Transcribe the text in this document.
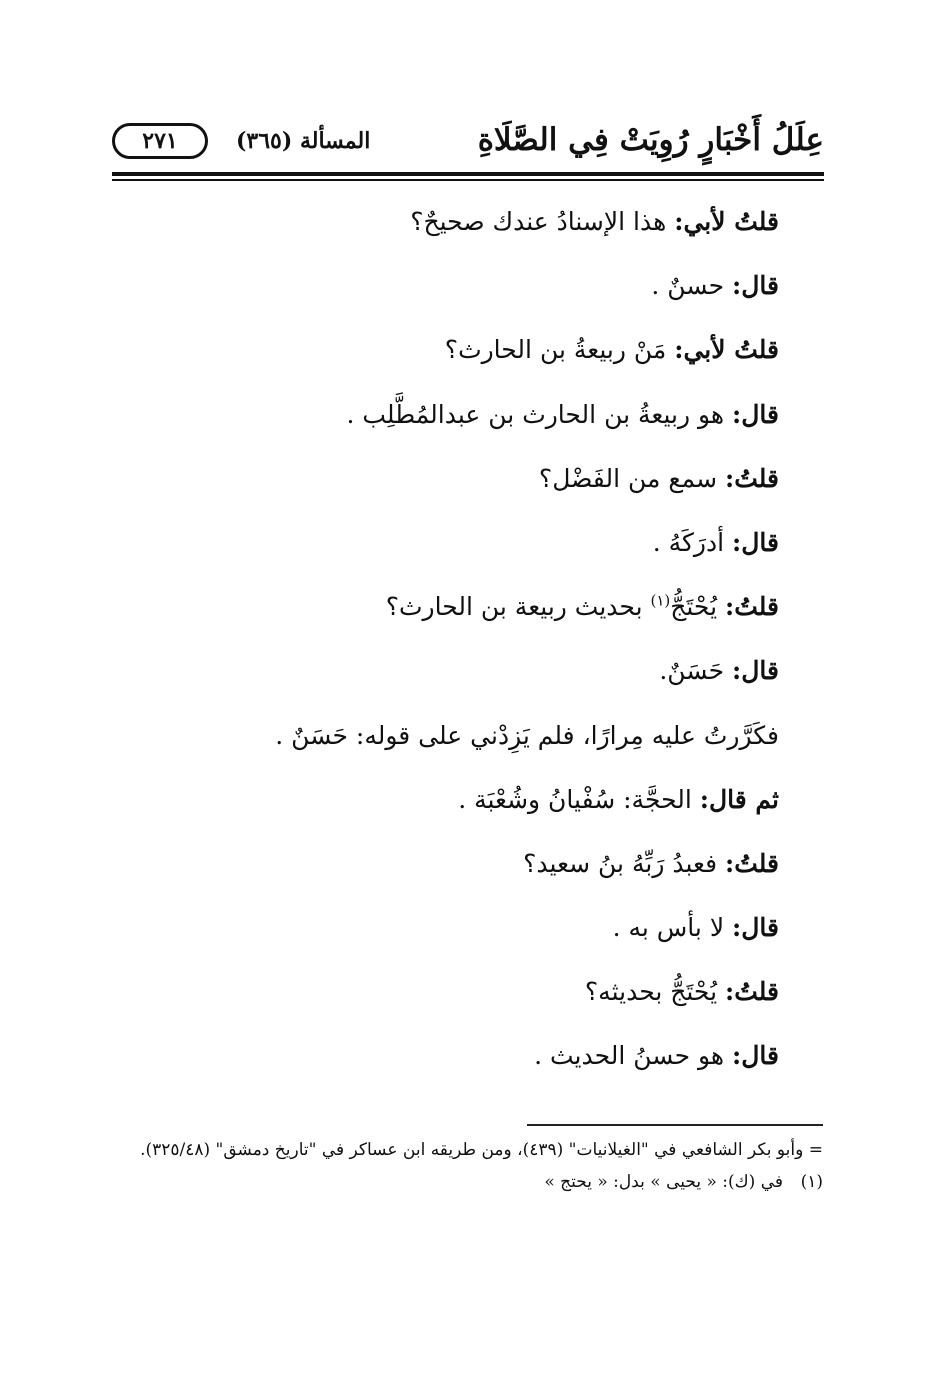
عِلَلُ أَخْبَارٍ رُوِيَتْ فِي الصَّلَاةِ
المسألة (٣٦٥)
٢٧١
قلتُ لأبي: هذا الإسنادُ عندك صحيحٌ؟
قال: حسنٌ .
قلتُ لأبي: مَنْ ربيعةُ بن الحارث؟
قال: هو ربيعةُ بن الحارث بن عبدالمُطَّلِب .
قلتُ: سمع من الفَضْل؟
قال: أدرَكَهُ .
قلتُ: يُحْتَجُّ$^{(١)}$ بحديث ربيعة بن الحارث؟
قال: حَسَنٌ.
فكَرَّرتُ عليه مِرارًا، فلم يَزِدْني على قوله: حَسَنٌ .
ثم قال: الحجَّة: سُفْيانُ وشُعْبَة .
قلتُ: فعبدُ رَبِّهُ بنُ سعيد؟
قال: لا بأس به .
قلتُ: يُحْتَجُّ بحديثه؟
قال: هو حسنُ الحديث .

= وأبو بكر الشافعي في "الغيلانيات" (٤٣٩)، ومن طريقه ابن عساكر في "تاريخ دمشق" (٣٢٥/٤٨).

(١)في (ك): « يحيى » بدل: « يحتج »
